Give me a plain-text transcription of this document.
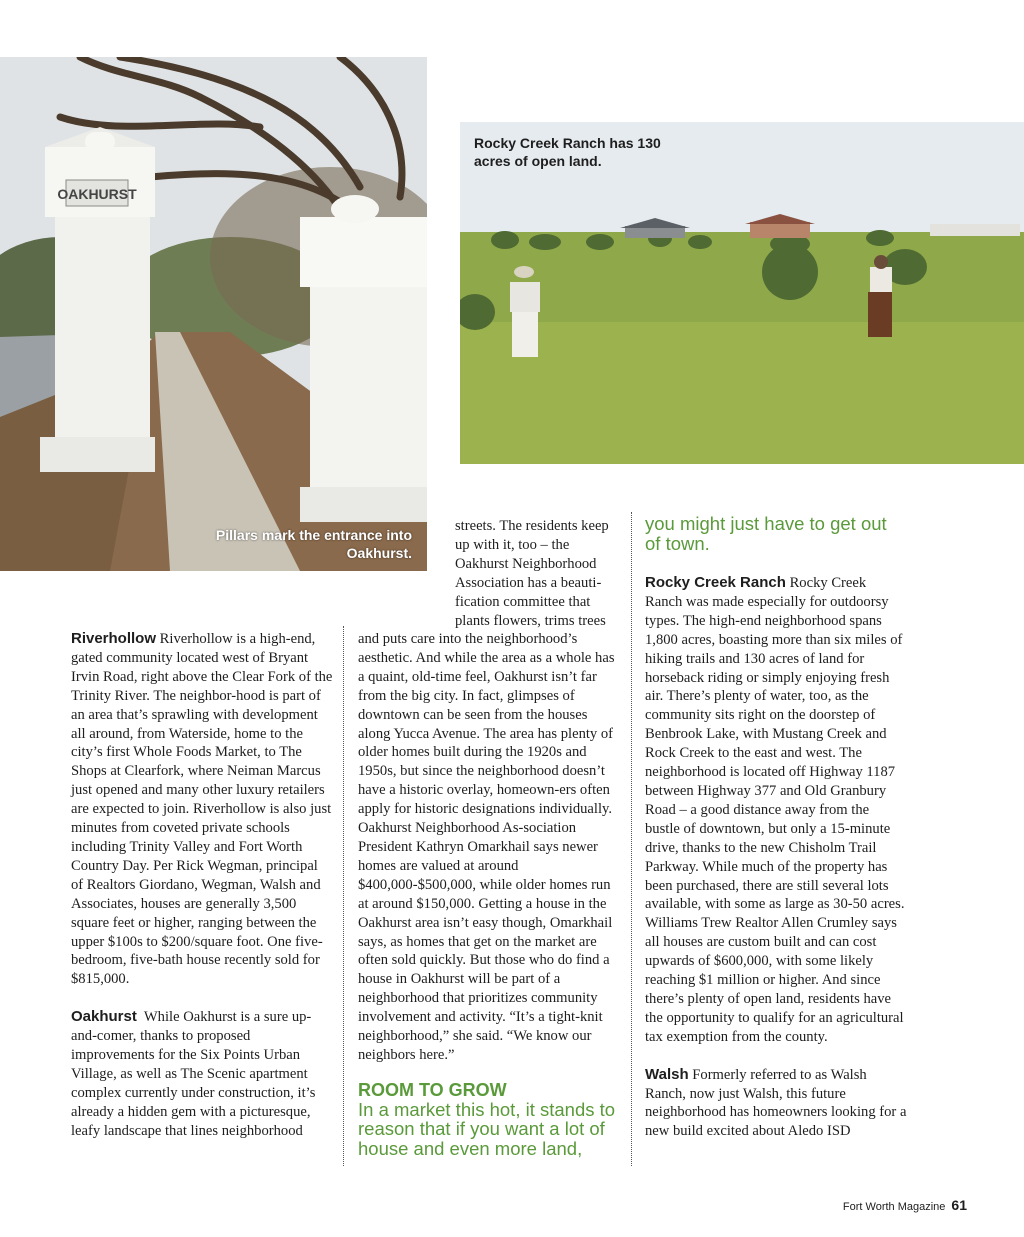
OAKHURST
Pillars mark the entrance into Oakhurst.
Rocky Creek Ranch has 130 acres of open land.

Riverhollow Riverhollow is a high-end, gated community located west of Bryant Irvin Road, right above the Clear Fork of the Trinity River. The neighbor-hood is part of an area that’s sprawling with development all around, from Waterside, home to the city’s first Whole Foods Market, to The Shops at Clearfork, where Neiman Marcus just opened and many other luxury retailers are expected to join. Riverhollow is also just minutes from coveted private schools including Trinity Valley and Fort Worth Country Day. Per Rick Wegman, principal of Realtors Giordano, Wegman, Walsh and Associates, houses are generally 3,500 square feet or higher, ranging between the upper $100s to $200/square foot. One five-bedroom, five-bath house recently sold for $815,000.

Oakhurst While Oakhurst is a sure up-and-comer, thanks to proposed improvements for the Six Points Urban Village, as well as The Scenic apartment complex currently under construction, it’s already a hidden gem with a picturesque, leafy landscape that lines neighborhood

streets. The residents keep up with it, too – the Oakhurst Neighborhood Association has a beauti-fication committee that plants flowers, trims trees

and puts care into the neighborhood’s aesthetic. And while the area as a whole has a quaint, old-time feel, Oakhurst isn’t far from the big city. In fact, glimpses of downtown can be seen from the houses along Yucca Avenue. The area has plenty of older homes built during the 1920s and 1950s, but since the neighborhood doesn’t have a historic overlay, homeown-ers often apply for historic designations individually. Oakhurst Neighborhood As-sociation President Kathryn Omarkhail says newer homes are valued at around $400,000-$500,000, while older homes run at around $150,000. Getting a house in the Oakhurst area isn’t easy though, Omarkhail says, as homes that get on the market are often sold quickly. But those who do find a house in Oakhurst will be part of a neighborhood that prioritizes community involvement and activity. “It’s a tight-knit neighborhood,” she said. “We know our neighbors here.”

ROOM TO GROW
In a market this hot, it stands to reason that if you want a lot of house and even more land,
you might just have to get out of town.

Rocky Creek Ranch Rocky Creek Ranch was made especially for outdoorsy types. The high-end neighborhood spans 1,800 acres, boasting more than six miles of hiking trails and 130 acres of land for horseback riding or simply enjoying fresh air. There’s plenty of water, too, as the community sits right on the doorstep of Benbrook Lake, with Mustang Creek and Rock Creek to the east and west. The neighborhood is located off Highway 1187 between Highway 377 and Old Granbury Road – a good distance away from the bustle of downtown, but only a 15-minute drive, thanks to the new Chisholm Trail Parkway. While much of the property has been purchased, there are still several lots available, with some as large as 30-50 acres. Williams Trew Realtor Allen Crumley says all houses are custom built and can cost upwards of $600,000, with some likely reaching $1 million or higher. And since there’s plenty of open land, residents have the opportunity to qualify for an agricultural tax exemption from the county.

Walsh Formerly referred to as Walsh Ranch, now just Walsh, this future neighborhood has homeowners looking for a new build excited about Aledo ISD

Fort Worth Magazine 61
